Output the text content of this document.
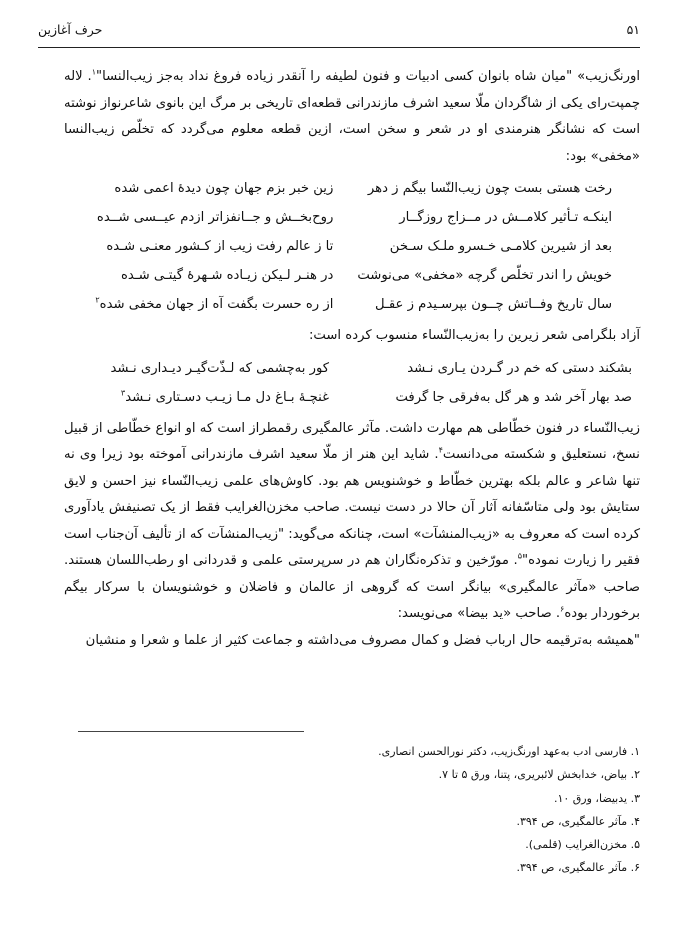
۵۱
حرف آغازین

اورنگ‌زیب» "میان شاه بانوان کسی ادبیات و فنون لطیفه را آنقدر زیاده فروغ نداد به‌جز زیب‌النسا"$^۱$. لاله چمپت‌رای یکی از شاگردان ملّا سعید اشرف مازندرانی قطعه‌ای تاریخی بر مرگ این بانوی شاعرنواز نوشته است که نشانگر هنرمندی او در شعر و سخن است، ازین قطعه معلوم می‌گردد که تخلّص زیب‌النسا «مخفی» بود:

رخت هستی بست چون زیب‌النّسا بیگم ز دهر
زین خبر بزم جهان چون دیدهٔ اعمی شده
اینکـه تـأثیر کلامــش در مــزاج روزگــار
روح‌بخــش و جــانفزاتر ازدم عیــسی شــده
بعد از شیرین کلامـی خـسرو ملـک سـخن
تا ز عالم رفت زیب از کـشور معنـی شـده
خویش را اندر تخلّص گرچه «مخفی» می‌نوشت
در هنـر لـیکن زیـاده شـهرهٔ گیتـی شـده
سال تاریخ وفــاتش چــون بپرسـیدم ز عقـل
از ره حسرت بگفت آه از جهان مخفی شده$^۲$

آزاد بلگرامی شعر زیرین را به‌زیب‌النّساء منسوب کرده است:

بشکند دستی که خم در گـردن یـاری نـشد
کور به‌چشمی که لـذّت‌گیـر دیـداری نـشد
صد بهار آخر شد و هر گل به‌فرقی جا گرفت
غنچـهٔ بـاغ دل مـا زیـب دسـتاری نـشد$^۳$

زیب‌النّساء در فنون خطّاطی هم مهارت داشت. مآثر عالمگیری رقمطراز است که او انواع خطّاطی از قبیل نسخ، نستعلیق و شکسته می‌دانست$^۴$. شاید این هنر از ملّا سعید اشرف مازندرانی آموخته بود زیرا وی نه تنها شاعر و عالم بلکه بهترین خطّاط و خوشنویس هم بود. کاوش‌های علمی زیب‌النّساء نیز احسن و لایق ستایش بود ولی متاسّفانه آثار آن حالا در دست نیست. صاحب مخزن‌الغرایب فقط از یک تصنیفش یادآوری کرده است که معروف به «زیب‌المنشآت» است، چنانکه می‌گوید: "زیب‌المنشآت که از تألیف آن‌جناب است فقیر را زیارت نموده"$^۵$. مورّخین و تذکره‌نگاران هم در سرپرستی علمی و قدردانی او رطب‌اللسان هستند. صاحب «مآثر عالمگیری» بیانگر است که گروهی از عالمان و فاضلان و خوشنویسان با سرکار بیگم برخوردار بوده$^۶$. صاحب «ید بیضا» می‌نویسد:

"همیشه به‌ترقیمه حال ارباب فضل و کمال مصروف می‌داشته و جماعت کثیر از علما و شعرا و منشیان

۱. فارسی ادب به‌عهد اورنگ‌زیب، دکتر نورالحسن انصاری.
۲. بیاض، خدابخش لائبریری، پتنا، ورق ۵ تا ۷.
۳. یدبیضا، ورق ۱۰.
۴. مآثر عالمگیری، ص ۳۹۴.
۵. مخزن‌الغرایب (قلمی).
۶. مآثر عالمگیری، ص ۳۹۴.
